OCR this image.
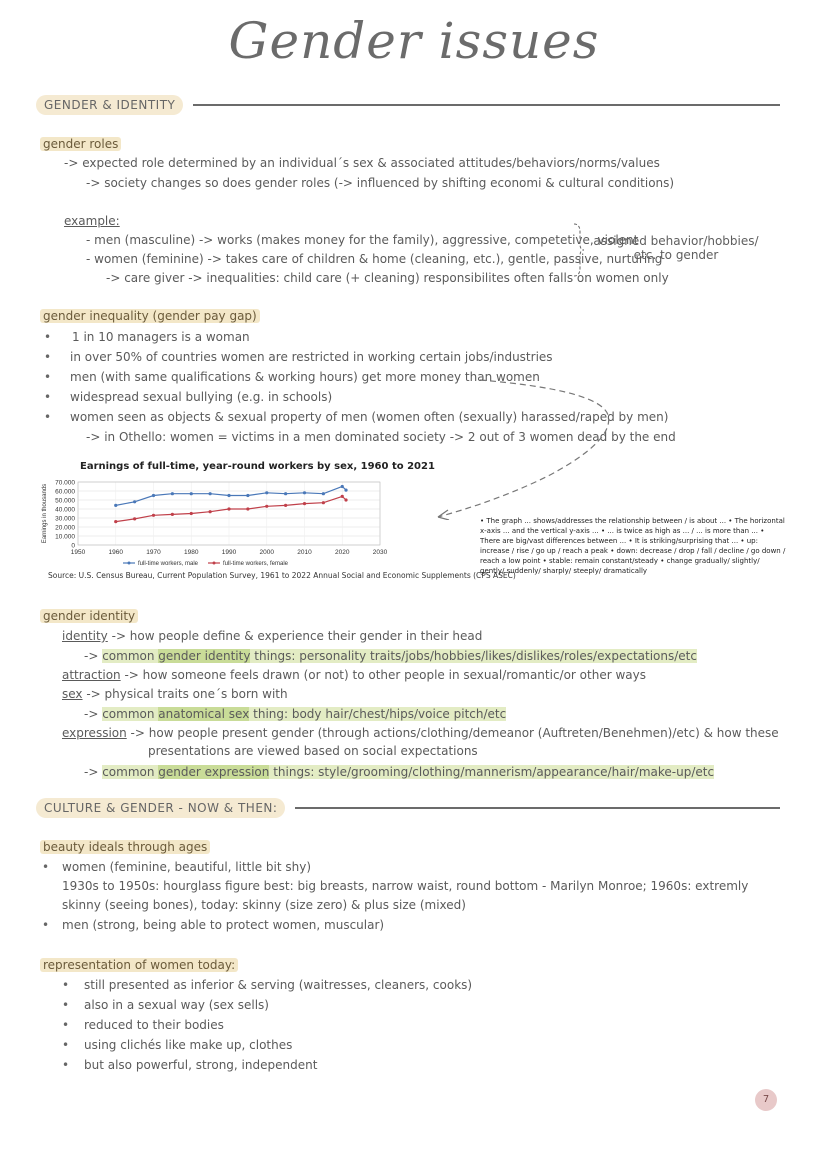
Gender issues
GENDER & IDENTITY
gender roles
-> expected role determined by an individual´s sex & associated attitudes/behaviors/norms/values
-> society changes so does gender roles (-> influenced by shifting economi & cultural conditions)
example:
- men (masculine) -> works (makes money for the family), aggressive, competetive, violent
- women (feminine) -> takes care of children & home (cleaning, etc.), gentle, passive, nurturing
-> care giver -> inequalities: child care (+ cleaning) responsibilites often falls on women only
assigned behavior/hobbies/ etc. to gender
gender inequality (gender pay gap)
• 1 in 10 managers is a woman
• in over 50% of countries women are restricted in working certain jobs/industries
• men (with same qualifications & working hours) get more money than women
• widespread sexual bullying (e.g. in schools)
• women seen as objects & sexual property of men (women often (sexually) harassed/raped by men)
-> in Othello: women = victims in a men dominated society -> 2 out of 3 women dead by the end
Earnings of full-time, year-round workers by sex, 1960 to 2021
0
10.000
20.000
30.000
40.000
50.000
60.000
70.000
1950	1960	1970	1980	1990	2000	2010	2020	2030
Earnings in thousands
full-time workers, male	full-time workers, female
Source: U.S. Census Bureau, Current Population Survey, 1961 to 2022 Annual Social and Economic Supplements (CPS ASEC)
• The graph ... shows/addresses the relationship between / is about ... • The horizontal x-axis ... and the vertical y-axis ... • ... is twice as high as ... / ... is more than ... • There are big/vast differences between ... • It is striking/surprising that ... • up: increase / rise / go up / reach a peak • down: decrease / drop / fall / decline / go down / reach a low point • stable: remain constant/steady • change gradually/ slightly/ gently/ suddenly/ sharply/ steeply/ dramatically
gender identity
identity -> how people define & experience their gender in their head
-> common gender identity things: personality traits/jobs/hobbies/likes/dislikes/roles/expectations/etc
attraction -> how someone feels drawn (or not) to other people in sexual/romantic/or other ways
sex -> physical traits one´s born with
-> common anatomical sex thing: body hair/chest/hips/voice pitch/etc
expression -> how people present gender (through actions/clothing/demeanor (Auftreten/Benehmen)/etc) & how these
presentations are viewed based on social expectations
-> common gender expression things: style/grooming/clothing/mannerism/appearance/hair/make-up/etc
CULTURE & GENDER - NOW & THEN:
beauty ideals through ages
• women (feminine, beautiful, little bit shy)
1930s to 1950s: hourglass figure best: big breasts, narrow waist, round bottom - Marilyn Monroe; 1960s: extremly
skinny (seeing bones), today: skinny (size zero) & plus size (mixed)
• men (strong, being able to protect women, muscular)
representation of women today:
• still presented as inferior & serving (waitresses, cleaners, cooks)
• also in a sexual way (sex sells)
• reduced to their bodies
• using clichés like make up, clothes
• but also powerful, strong, independent
7
